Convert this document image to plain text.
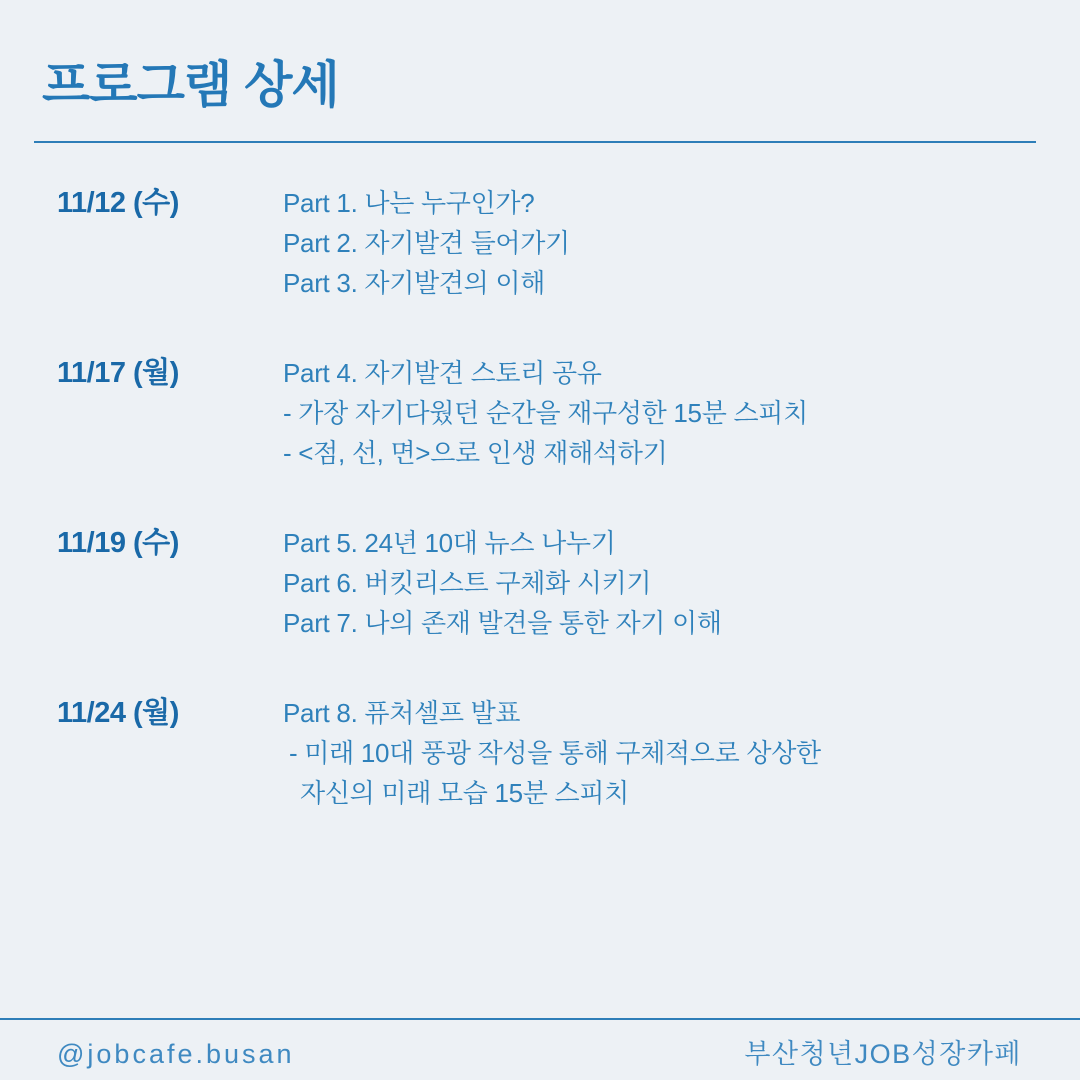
프로그램 상세
11/12 (수)	Part 1. 나는 누구인가?
Part 2. 자기발견 들어가기
Part 3. 자기발견의 이해
11/17 (월)	Part 4. 자기발견 스토리 공유
- 가장 자기다웠던 순간을 재구성한 15분 스피치
- <점, 선, 면>으로 인생 재해석하기
11/19 (수)	Part 5. 24년 10대 뉴스 나누기
Part 6. 버킷리스트 구체화 시키기
Part 7. 나의 존재 발견을 통한 자기 이해
11/24 (월)	Part 8. 퓨처셀프 발표
- 미래 10대 풍광 작성을 통해 구체적으로 상상한
자신의 미래 모습 15분 스피치
@jobcafe.busan	부산청년JOB성장카페
